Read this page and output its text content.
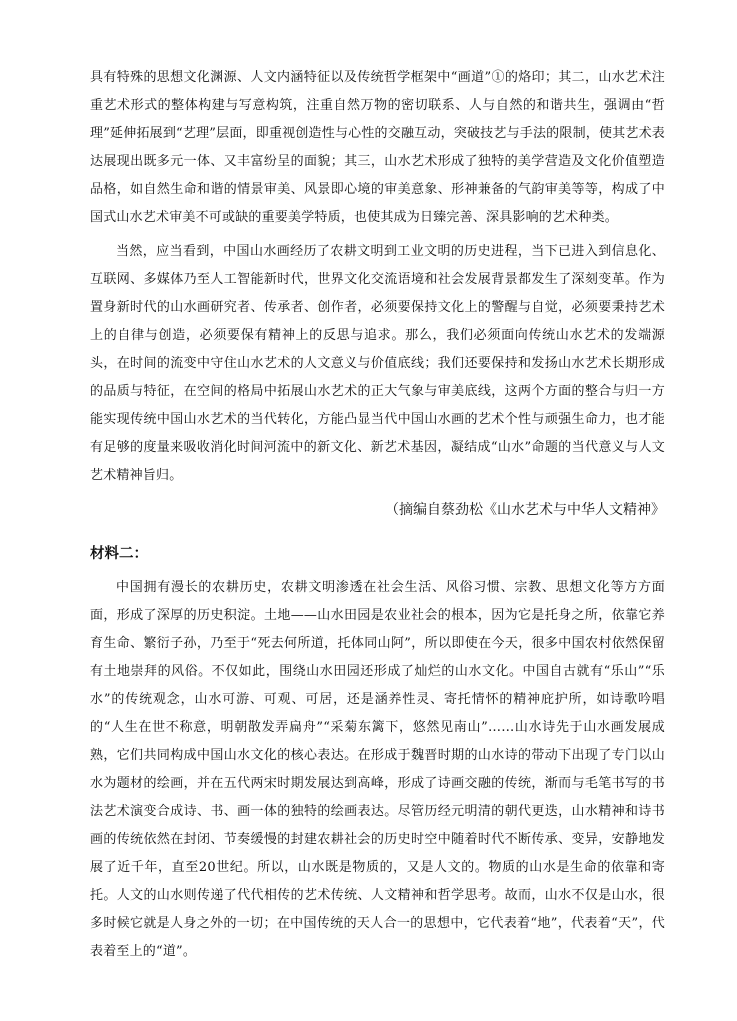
具有特殊的思想文化渊源、人文内涵特征以及传统哲学框架中“画道”①的烙印；其二，山水艺术注重艺术形式的整体构建与写意构筑，注重自然万物的密切联系、人与自然的和谐共生，强调由“哲理”延伸拓展到“艺理”层面，即重视创造性与心性的交融互动，突破技艺与手法的限制，使其艺术表达展现出既多元一体、又丰富纷呈的面貌；其三，山水艺术形成了独特的美学营造及文化价值塑造品格，如自然生命和谐的情景审美、风景即心境的审美意象、形神兼备的气韵审美等等，构成了中国式山水艺术审美不可或缺的重要美学特质，也使其成为日臻完善、深具影响的艺术种类。

当然，应当看到，中国山水画经历了农耕文明到工业文明的历史进程，当下已进入到信息化、互联网、多媒体乃至人工智能新时代，世界文化交流语境和社会发展背景都发生了深刻变革。作为置身新时代的山水画研究者、传承者、创作者，必须要保持文化上的警醒与自觉，必须要秉持艺术上的自律与创造，必须要保有精神上的反思与追求。那么，我们必须面向传统山水艺术的发端源头，在时间的流变中守住山水艺术的人文意义与价值底线；我们还要保持和发扬山水艺术长期形成的品质与特征，在空间的格局中拓展山水艺术的正大气象与审美底线，这两个方面的整合与归一方能实现传统中国山水艺术的当代转化，方能凸显当代中国山水画的艺术个性与顽强生命力，也才能有足够的度量来吸收消化时间河流中的新文化、新艺术基因，凝结成“山水”命题的当代意义与人文艺术精神旨归。

（摘编自蔡劲松《山水艺术与中华人文精神》

材料二：

中国拥有漫长的农耕历史，农耕文明渗透在社会生活、风俗习惯、宗教、思想文化等方方面面，形成了深厚的历史积淀。土地——山水田园是农业社会的根本，因为它是托身之所，依靠它养育生命、繁衍子孙，乃至于“死去何所道，托体同山阿”，所以即使在今天，很多中国农村依然保留有土地崇拜的风俗。不仅如此，围绕山水田园还形成了灿烂的山水文化。中国自古就有“乐山”“乐水”的传统观念，山水可游、可观、可居，还是涵养性灵、寄托情怀的精神庇护所，如诗歌吟唱的“人生在世不称意，明朝散发弄扁舟”“采菊东篱下，悠然见南山”……山水诗先于山水画发展成熟，它们共同构成中国山水文化的核心表达。在形成于魏晋时期的山水诗的带动下出现了专门以山水为题材的绘画，并在五代两宋时期发展达到高峰，形成了诗画交融的传统，渐而与毛笔书写的书法艺术演变合成诗、书、画一体的独特的绘画表达。尽管历经元明清的朝代更迭，山水精神和诗书画的传统依然在封闭、节奏缓慢的封建农耕社会的历史时空中随着时代不断传承、变异，安静地发展了近千年，直至20世纪。所以，山水既是物质的，又是人文的。物质的山水是生命的依靠和寄托。人文的山水则传递了代代相传的艺术传统、人文精神和哲学思考。故而，山水不仅是山水，很多时候它就是人身之外的一切；在中国传统的天人合一的思想中，它代表着“地”，代表着“天”，代表着至上的“道”。
